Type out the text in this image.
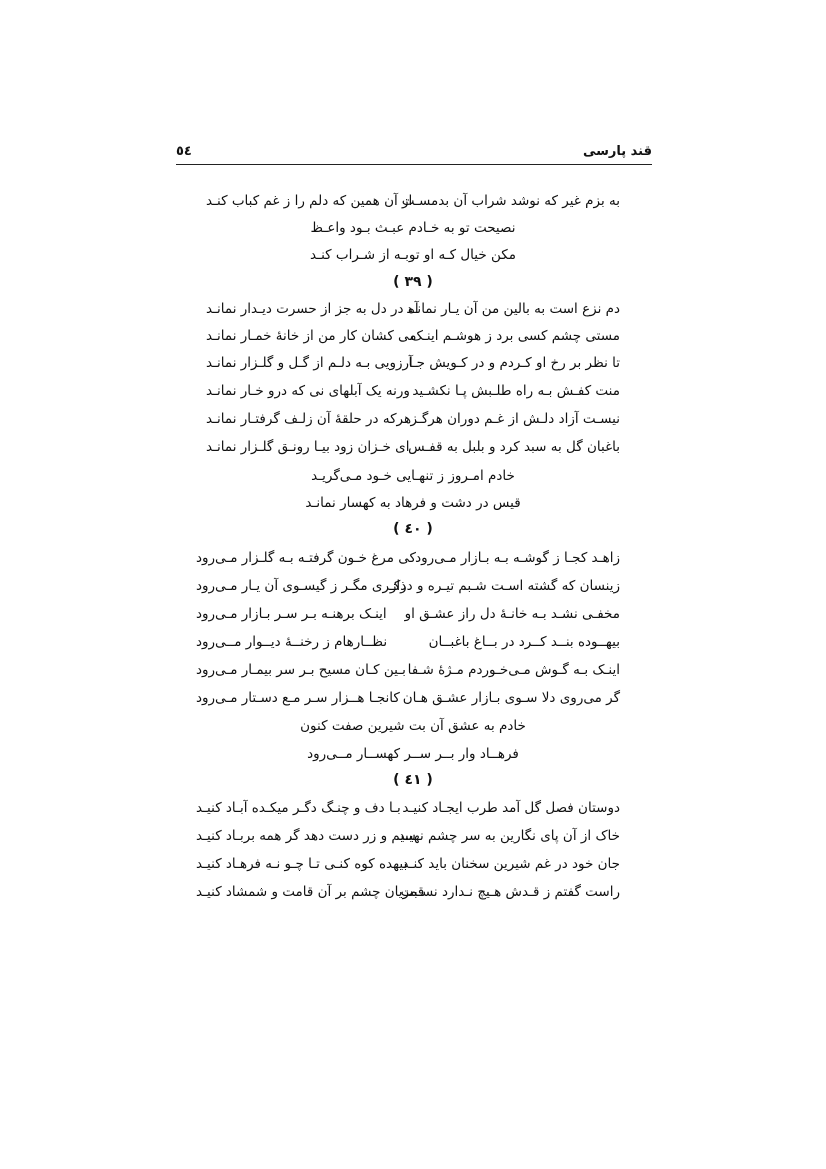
قند پارسی
٥٤
به بزم غیر که نوشد شراب آن بدمسـت
از آن همین که دلم را ز غم کباب کنـد
نصیحت تو به خـادم عبـث بـود واعـظ
مکن خیال کـه او توبـه از شـراب کنـد
( ٣٩ )
دم نزع است به بالین من آن یـار نمانـد
آه در دل به جز از حسرت دیـدار نمانـد
مستی چشم کسی برد ز هوشـم اینـک
می کشان کار من از خانهٔ خمـار نمانـد
تا نظر بر رخ او کـردم و در کـویش جـا
آرزویی بـه دلـم از گـل و گلـزار نمانـد
منت کفـش بـه راه طلـبش پـا نکشـید
ورنه یک آبلهای نی که درو خـار نمانـد
نیسـت آزاد دلـش از غـم دوران هرگـز
هرکه در حلقهٔ آن زلـف گرفتـار نمانـد
باغبان گل به سبد کرد و بلبل به قفـس
ای خـزان زود بیـا رونـق گلـزار نمانـد
خادم امـروز ز تنهـایی خـود مـی‌گریـد
قیس در دشت و فرهاد به کهسار نمانـد
( ٤٠ )
زاهـد کجـا ز گوشـه بـه بـازار مـی‌رود
کی مرغ خـون گرفتـه بـه گلـزار مـی‌رود
زینسان که گشته اسـت شـبم تیـره و دراز
ذکـری مگـر ز گیسـوی آن یـار مـی‌رود
مخفـی نشـد بـه خانـهٔ دل راز عشـق او
اینـک برهنـه بـر سـر بـازار مـی‌رود
بیهــوده بنــد کــرد در بــاغ باغبــان
نظــارهام ز رخنــهٔ دیــوار مــی‌رود
اینـک بـه گـوش مـی‌خـوردم مـژهٔ شـفا
بـین کـان مسیح بـر سر بیمـار مـی‌رود
گر می‌روی دلا سـوی بـازار عشـق هـان
کانجـا هــزار سـر مـع دسـتار مـی‌رود
خادم به عشق آن بت شیرین صفت کنون
فرهــاد وار بــر ســر کهســار مــی‌رود
( ٤١ )
دوستان فصل گل آمد طرب ایجـاد کنیـد
بـا دف و چنـگ دگـر میکـده آبـاد کنیـد
خاک از آن پای نگارین به سر چشم نهیـد
سیم و زر دست دهد گر همه بربـاد کنیـد
جان خود در غم شیرین سخنان باید کنـد
بیهده کوه کنـی تـا چـو نـه فرهـاد کنیـد
راست گفتم ز قـدش هـیچ نـدارد نسـبت
قمریان چشم بر آن قامت و شمشاد کنیـد
